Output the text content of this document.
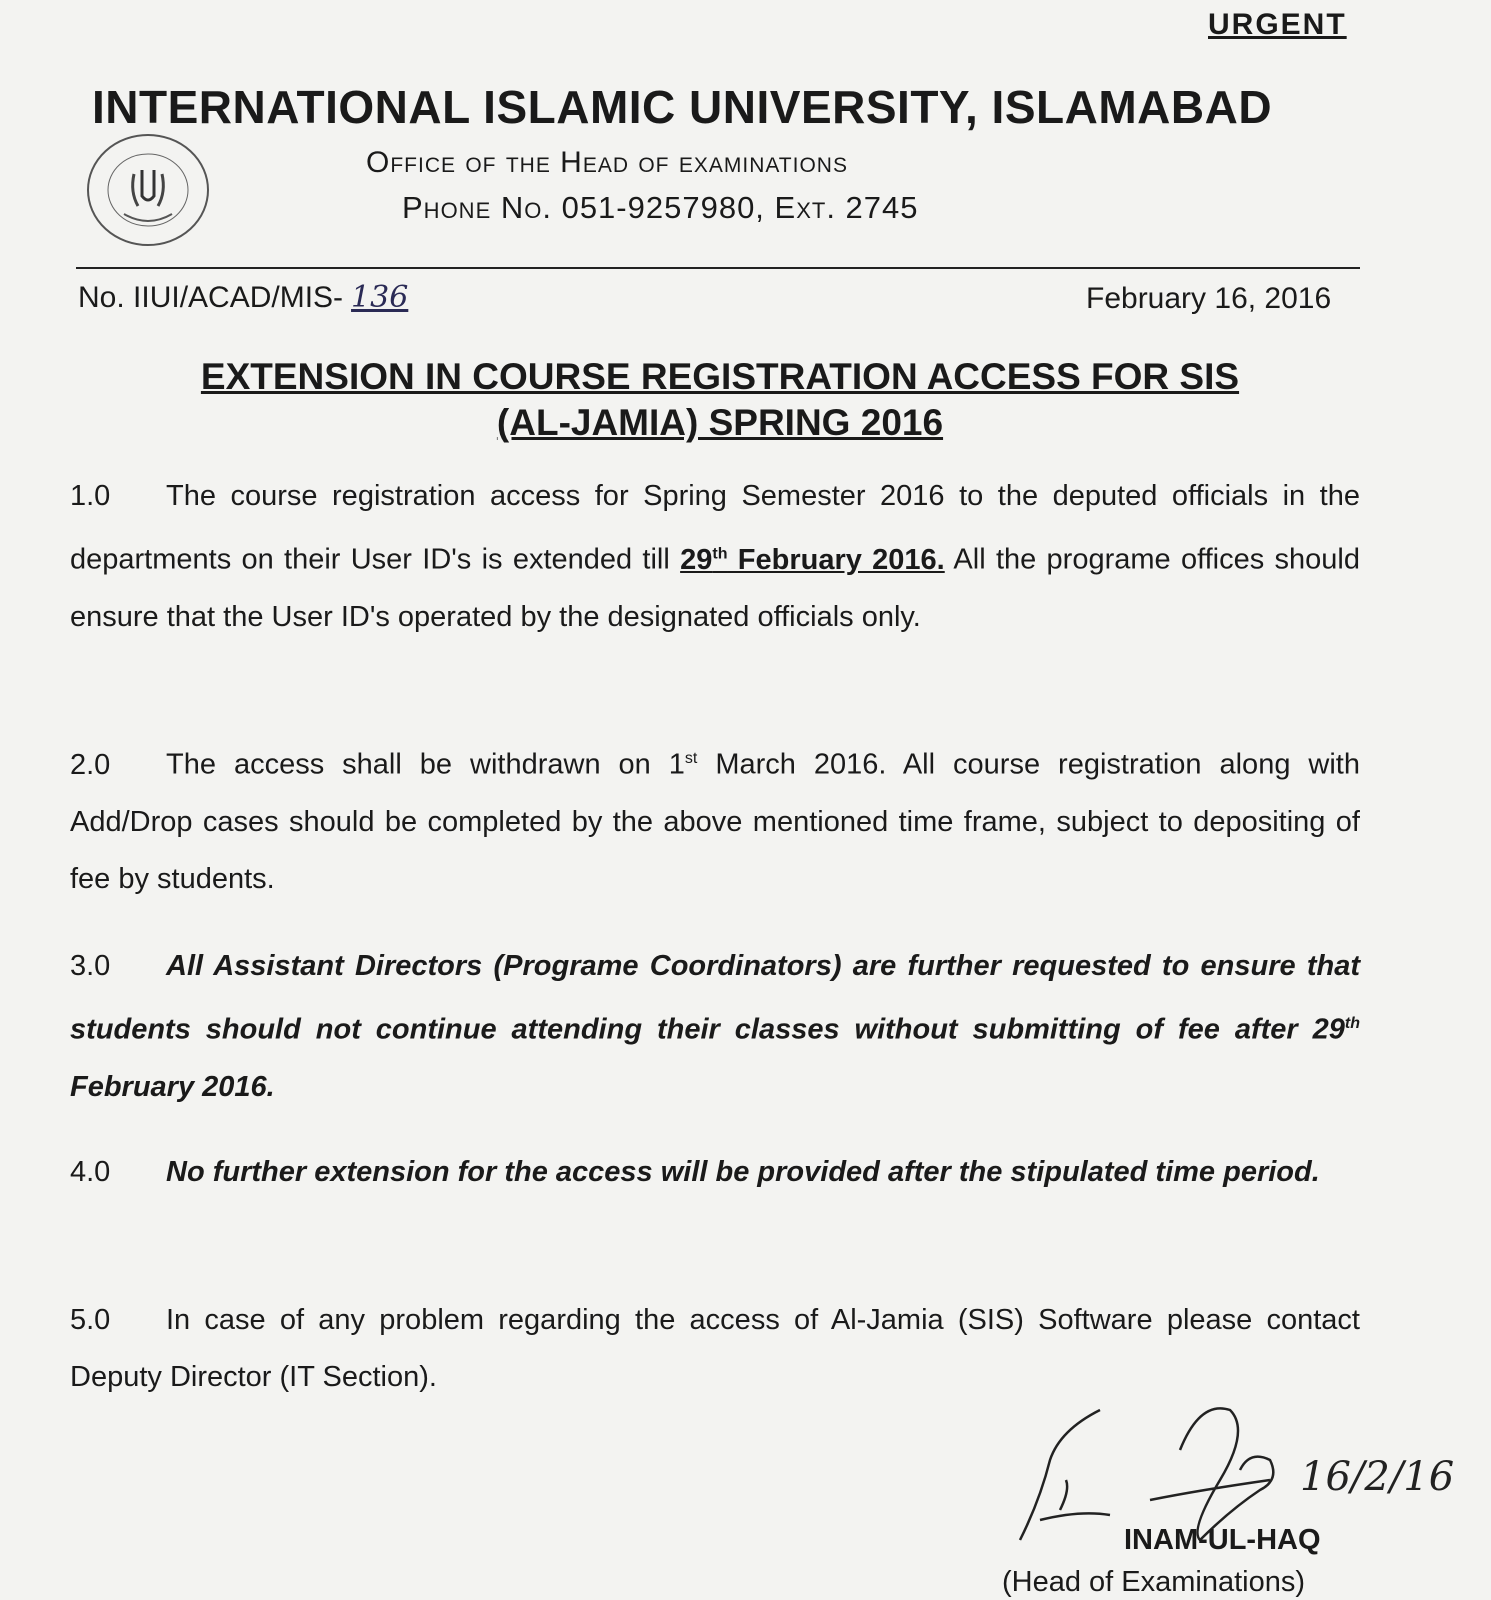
URGENT
INTERNATIONAL ISLAMIC UNIVERSITY, ISLAMABAD
Office of the Head of examinations
Phone No. 051-9257980, Ext. 2745
No. IIUI/ACAD/MIS- 136	February 16, 2016
EXTENSION IN COURSE REGISTRATION ACCESS FOR SIS
(AL-JAMIA) SPRING 2016
1.0 The course registration access for Spring Semester 2016 to the deputed officials in the departments on their User ID's is extended till 29th February 2016. All the programe offices should ensure that the User ID's operated by the designated officials only.
2.0 The access shall be withdrawn on 1st March 2016. All course registration along with Add/Drop cases should be completed by the above mentioned time frame, subject to depositing of fee by students.
3.0 All Assistant Directors (Programe Coordinators) are further requested to ensure that students should not continue attending their classes without submitting of fee after 29th February 2016.
4.0 No further extension for the access will be provided after the stipulated time period.
5.0 In case of any problem regarding the access of Al-Jamia (SIS) Software please contact Deputy Director (IT Section).
16/2/16
INAM-UL-HAQ
(Head of Examinations)
